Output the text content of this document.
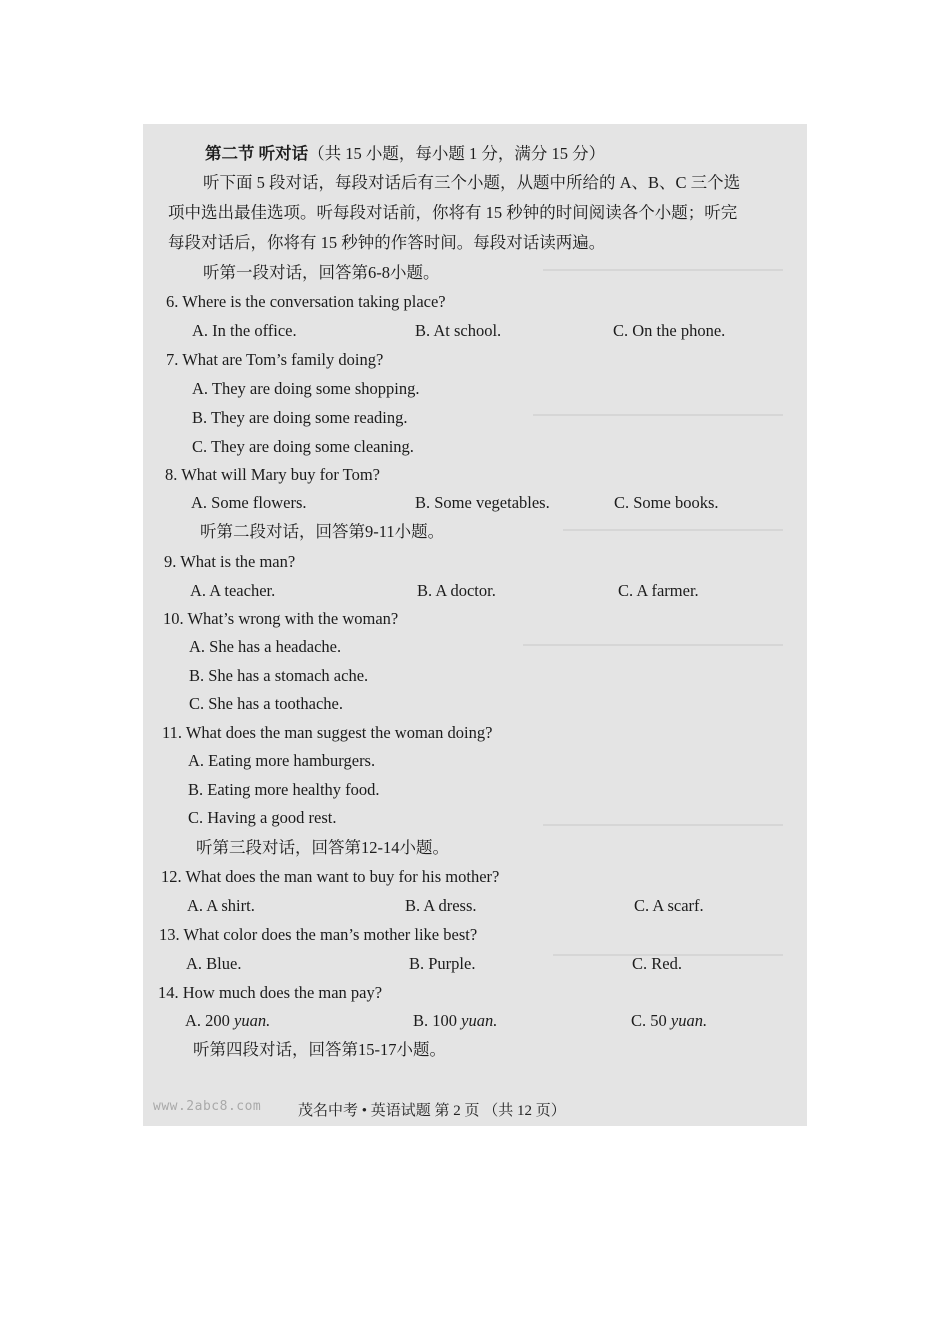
第二节 听对话（共 15 小题，每小题 1 分，满分 15 分）
听下面 5 段对话，每段对话后有三个小题，从题中所给的 A、B、C 三个选
项中选出最佳选项。听每段对话前，你将有 15 秒钟的时间阅读各个小题；听完
每段对话后，你将有 15 秒钟的作答时间。每段对话读两遍。
听第一段对话，回答第6-8小题。
6. Where is the conversation taking place?
A. In the office.	B. At school.	C. On the phone.
7. What are Tom’s family doing?
A. They are doing some shopping.
B. They are doing some reading.
C. They are doing some cleaning.
8. What will Mary buy for Tom?
A. Some flowers.	B. Some vegetables.	C. Some books.
听第二段对话，回答第9-11小题。
9. What is the man?
A. A teacher.	B. A doctor.	C. A farmer.
10. What’s wrong with the woman?
A. She has a headache.
B. She has a stomach ache.
C. She has a toothache.
11. What does the man suggest the woman doing?
A. Eating more hamburgers.
B. Eating more healthy food.
C. Having a good rest.
听第三段对话，回答第12-14小题。
12. What does the man want to buy for his mother?
A. A shirt.	B. A dress.	C. A scarf.
13. What color does the man’s mother like best?
A. Blue.	B. Purple.	C. Red.
14. How much does the man pay?
A. 200 yuan.	B. 100 yuan.	C. 50 yuan.
听第四段对话，回答第15-17小题。
www.2abc8.com 茂名中考 • 英语试题 第 2 页 （共 12 页）
